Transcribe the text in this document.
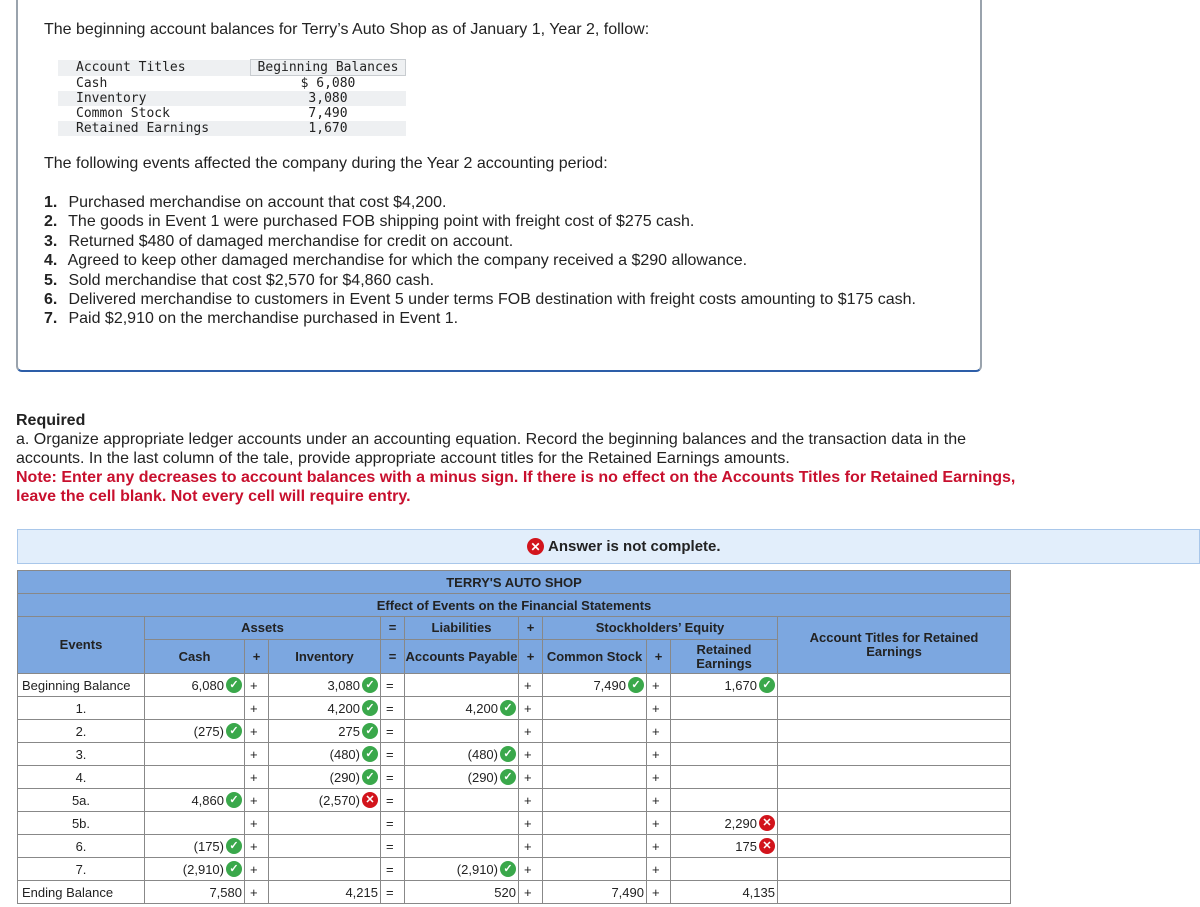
The beginning account balances for Terry’s Auto Shop as of January 1, Year 2, follow:
Account Titles	Beginning Balances
Cash	$ 6,080
Inventory	3,080
Common Stock	7,490
Retained Earnings	1,670
The following events affected the company during the Year 2 accounting period:
1. Purchased merchandise on account that cost $4,200.
2. The goods in Event 1 were purchased FOB shipping point with freight cost of $275 cash.
3. Returned $480 of damaged merchandise for credit on account.
4. Agreed to keep other damaged merchandise for which the company received a $290 allowance.
5. Sold merchandise that cost $2,570 for $4,860 cash.
6. Delivered merchandise to customers in Event 5 under terms FOB destination with freight costs amounting to $175 cash.
7. Paid $2,910 on the merchandise purchased in Event 1.
Required
a. Organize appropriate ledger accounts under an accounting equation. Record the beginning balances and the transaction data in the accounts. In the last column of the tale, provide appropriate account titles for the Retained Earnings amounts.
Note: Enter any decreases to account balances with a minus sign. If there is no effect on the Accounts Titles for Retained Earnings, leave the cell blank. Not every cell will require entry.
✕ Answer is not complete.
TERRY'S AUTO SHOP										
Effect of Events on the Financial Statements										
Events	Assets			=	Liabilities	+	Stockholders’ Equity			Account Titles for Retained Earnings
	Cash	+	Inventory	=	Accounts Payable	+	Common Stock	+	Retained Earnings	
Beginning Balance	6,080 ✓	+	3,080 ✓	=		+	7,490 ✓	+	1,670 ✓	
1.		+	4,200 ✓	=	4,200 ✓	+		+		
2.	(275) ✓	+	275 ✓	=		+		+		
3.		+	(480) ✓	=	(480) ✓	+		+		
4.		+	(290) ✓	=	(290) ✓	+		+		
5a.	4,860 ✓	+	(2,570) ✕	=		+		+		
5b.		+		=		+		+	2,290 ✕	
6.	(175) ✓	+		=		+		+	175 ✕	
7.	(2,910) ✓	+		=	(2,910) ✓	+		+		
Ending Balance	7,580	+	4,215	=	520	+	7,490	+	4,135	
